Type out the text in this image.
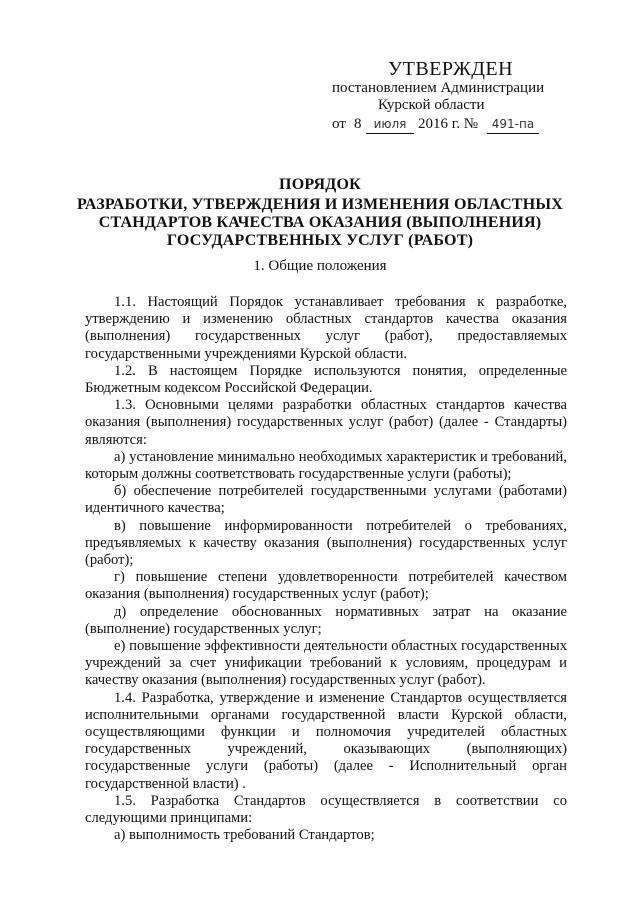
УТВЕРЖДЕН
постановлением Администрации
Курской области
от 8	июля 2016 г. №	491-па
ПОРЯДОК
РАЗРАБОТКИ, УТВЕРЖДЕНИЯ И ИЗМЕНЕНИЯ ОБЛАСТНЫХ
СТАНДАРТОВ КАЧЕСТВА ОКАЗАНИЯ (ВЫПОЛНЕНИЯ)
ГОСУДАРСТВЕННЫХ УСЛУГ (РАБОТ)
1. Общие положения

1.1. Настоящий Порядок устанавливает требования к разработке, утверждению и изменению областных стандартов качества оказания (выполнения) государственных услуг (работ), предоставляемых государственными учреждениями Курской области.

1.2. В настоящем Порядке используются понятия, определенные Бюджетным кодексом Российской Федерации.

1.3. Основными целями разработки областных стандартов качества оказания (выполнения) государственных услуг (работ) (далее - Стандарты) являются:

а) установление минимально необходимых характеристик и требований, которым должны соответствовать государственные услуги (работы);

б) обеспечение потребителей государственными услугами (работами) идентичного качества;

в) повышение информированности потребителей о требованиях, предъявляемых к качеству оказания (выполнения) государственных услуг (работ);

г) повышение степени удовлетворенности потребителей качеством оказания (выполнения) государственных услуг (работ);

д) определение обоснованных нормативных затрат на оказание (выполнение) государственных услуг;

е) повышение эффективности деятельности областных государственных учреждений за счет унификации требований к условиям, процедурам и качеству оказания (выполнения) государственных услуг (работ).

1.4. Разработка, утверждение и изменение Стандартов осуществляется исполнительными органами государственной власти Курской области, осуществляющими функции и полномочия учредителей областных государственных учреждений, оказывающих (выполняющих) государственные услуги (работы) (далее - Исполнительный орган государственной власти) .

1.5. Разработка Стандартов осуществляется в соответствии со следующими принципами:

а) выполнимость требований Стандартов;
